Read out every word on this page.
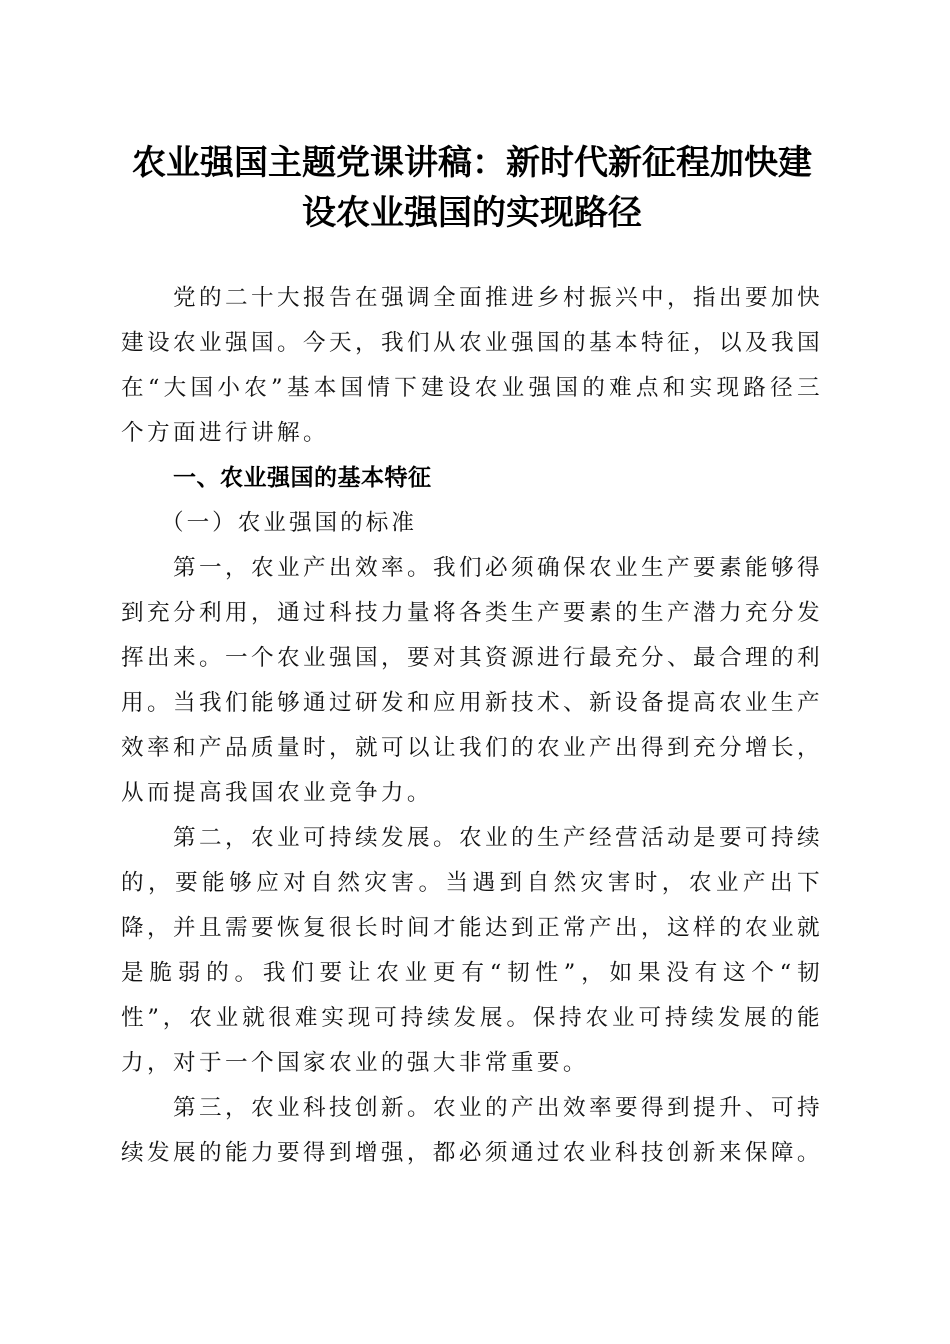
农业强国主题党课讲稿：新时代新征程加快建
设农业强国的实现路径

党的二十大报告在强调全面推进乡村振兴中，指出要加快建设农业强国。今天，我们从农业强国的基本特征，以及我国在“大国小农”基本国情下建设农业强国的难点和实现路径三个方面进行讲解。

一、农业强国的基本特征

（一）农业强国的标准

第一，农业产出效率。我们必须确保农业生产要素能够得到充分利用，通过科技力量将各类生产要素的生产潜力充分发挥出来。一个农业强国，要对其资源进行最充分、最合理的利用。当我们能够通过研发和应用新技术、新设备提高农业生产效率和产品质量时，就可以让我们的农业产出得到充分增长，从而提高我国农业竞争力。

第二，农业可持续发展。农业的生产经营活动是要可持续的，要能够应对自然灾害。当遇到自然灾害时，农业产出下降，并且需要恢复很长时间才能达到正常产出，这样的农业就是脆弱的。我们要让农业更有“韧性”，如果没有这个“韧性”，农业就很难实现可持续发展。保持农业可持续发展的能力，对于一个国家农业的强大非常重要。

第三，农业科技创新。农业的产出效率要得到提升、可持续发展的能力要得到增强，都必须通过农业科技创新来保障。
